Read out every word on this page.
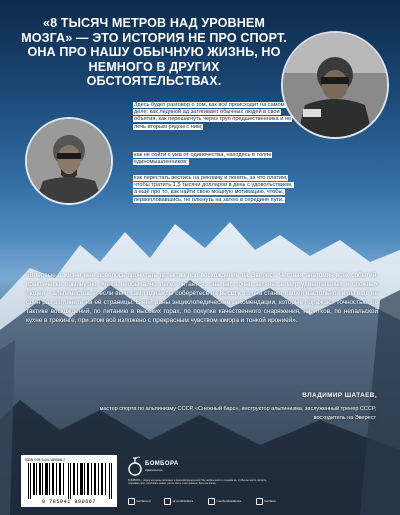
«8 ТЫСЯЧ МЕТРОВ НАД УРОВНЕМ МОЗГА» — ЭТО ИСТОРИЯ НЕ ПРО СПОРТ. ОНА ПРО НАШУ ОБЫЧНУЮ ЖИЗНЬ, НО НЕМНОГО В ДРУГИХ ОБСТОЯТЕЛЬСТВАХ.
Здесь будет разговор о том, как всё происходит на самом деле: как ледяной ад затягивает обычных людей в свои объятия, как перешагнуть через труп предшественника и не лечь вторым рядом с ним;
как не сойти с ума от одиночества, находясь в толпе единомышленников;
как перестать вестись на рекламу и понять, за что платим, чтобы тратить 1,5 тысячи долларов в день с удовольствием, а ещё про то, как найти свою мощную мотивацию, чтобы, первопловавшись, не плюнуть на затею в середине пути.
«Впервые в жизни мне довелось прочитать детектив про восхождение на Эверест. Честная анатомия всех событий, практически поминутно. Книга необычайно легко читается, она вас точно затянет в мир удивительных и сложных людей – альпинистов. А если вы и сами однажды соберётесь на высоту, то она станет вашей настольной и вы ещё не один раз загляните на её страницы. В ней даны энциклопедические рекомендации, которые поражают точностью: по тактике восхождений, по питанию в высоких горах, по покупке качественного снаряжения, напитков, по непальской кухне в трекинге, при этом всё изложено с прекрасным чувством юмора и тонкой иронией».
ВЛАДИМИР ШАТАЕВ,
мастер спорта по альпинизму СССР, «Снежный барс», инструктор альпинизма, заслуженный тренер СССР, восходитель на Эверест
ISBN 978-5-04-189066-7
9 785041 890667
БОМБОРА
издательство
БОМБОРА – лидер на рынке полезных и вдохновляющих книг. Мы любим книги и создаём их, чтобы вы могли творить, открывать мир, пробовать новое, расти. Быть счастливыми. Быть на волне.
bombora.ru	vk.com/bombora	t.me/bomborabooks	bombora
